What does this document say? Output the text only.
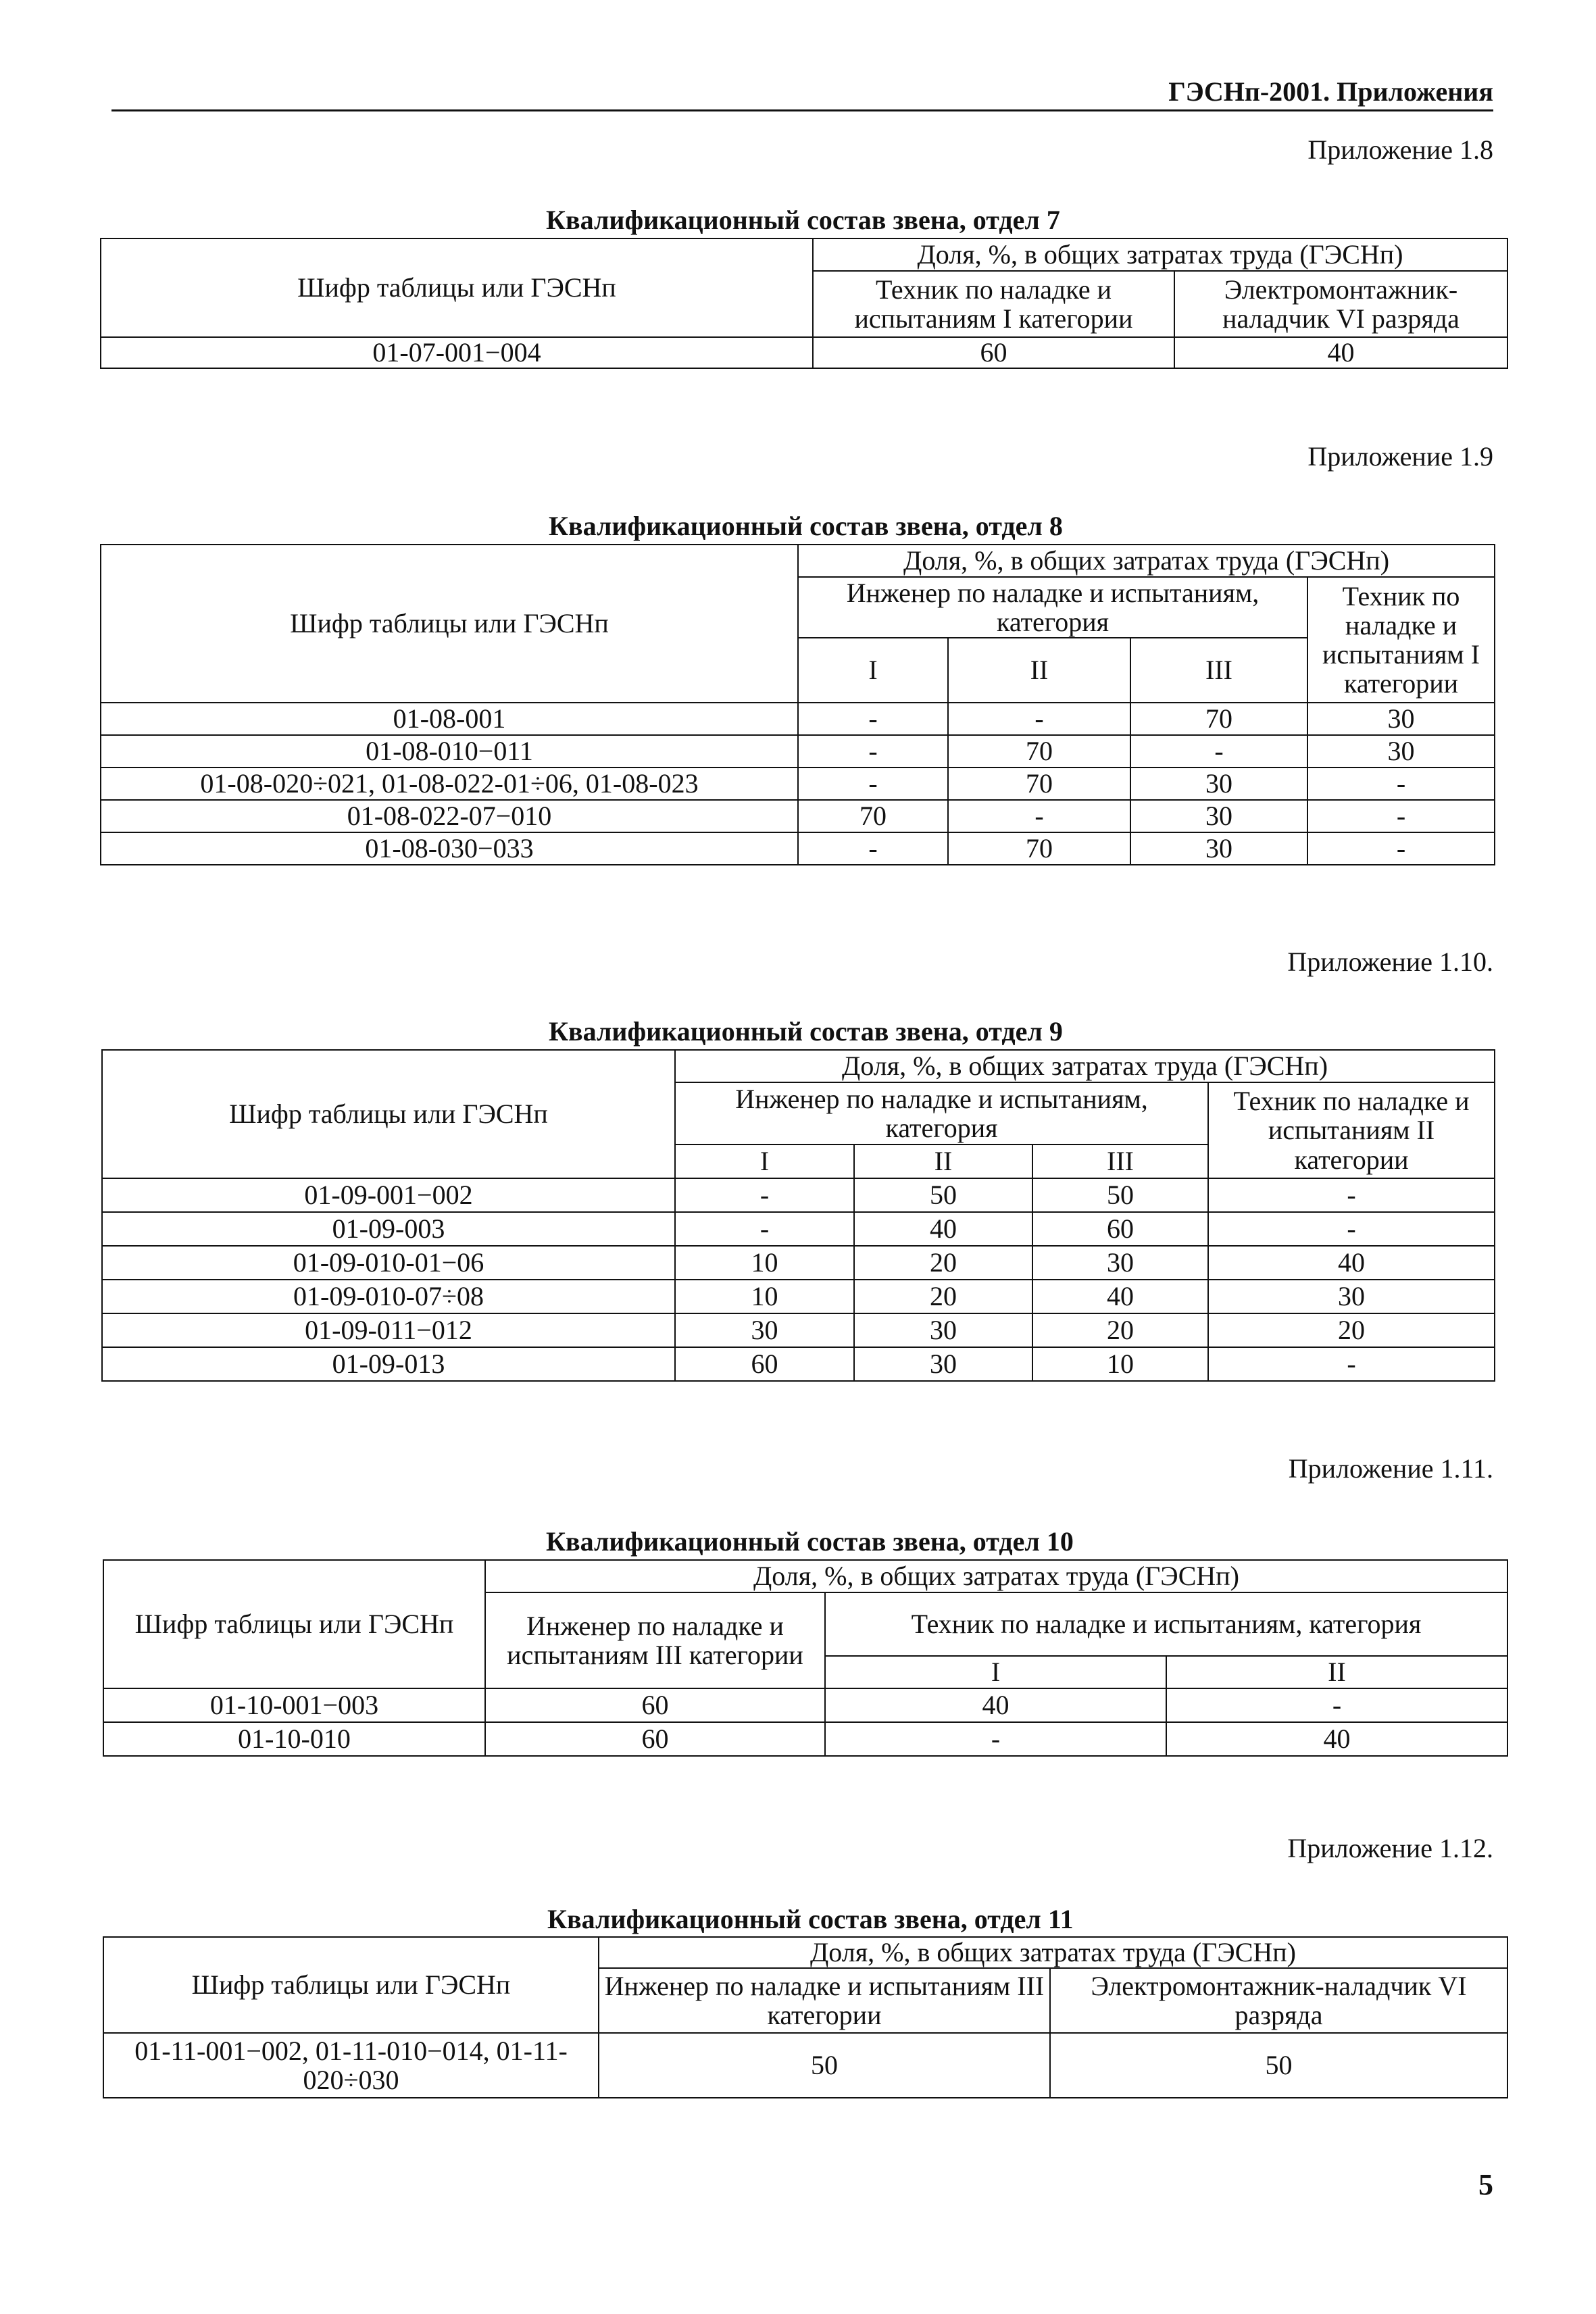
ГЭСНп-2001. Приложения
Приложение 1.8
Квалификационный состав звена, отдел 7
Шифр таблицы или ГЭСНп	Доля, %, в общих затратах труда (ГЭСНп)	
	Техник по наладке и испытаниям I категории	Электромонтажник-наладчик VI разряда
01-07-001−004	60	40
Приложение 1.9
Квалификационный состав звена, отдел 8
Шифр таблицы или ГЭСНп	Доля, %, в общих затратах труда (ГЭСНп)			
	Инженер по наладке и испытаниям, категория			Техник по наладке и испытаниям I категории
	I	II	III	
01-08-001	-	-	70	30
01-08-010−011	-	70	-	30
01-08-020÷021, 01-08-022-01÷06, 01-08-023	-	70	30	-
01-08-022-07−010	70	-	30	-
01-08-030−033	-	70	30	-
Приложение 1.10.
Квалификационный состав звена, отдел 9
Шифр таблицы или ГЭСНп	Доля, %, в общих затратах труда (ГЭСНп)			
	Инженер по наладке и испытаниям, категория			Техник по наладке и испытаниям II категории
	I	II	III	
01-09-001−002	-	50	50	-
01-09-003	-	40	60	-
01-09-010-01−06	10	20	30	40
01-09-010-07÷08	10	20	40	30
01-09-011−012	30	30	20	20
01-09-013	60	30	10	-
Приложение 1.11.
Квалификационный состав звена, отдел 10
Шифр таблицы или ГЭСНп	Доля, %, в общих затратах труда (ГЭСНп)		
	Инженер по наладке и испытаниям III категории	Техник по наладке и испытаниям, категория	
		I	II
01-10-001−003	60	40	-
01-10-010	60	-	40
Приложение 1.12.
Квалификационный состав звена, отдел 11
Шифр таблицы или ГЭСНп	Доля, %, в общих затратах труда (ГЭСНп)	
	Инженер по наладке и испытаниям III категории	Электромонтажник-наладчик VI разряда
01-11-001−002, 01-11-010−014, 01-11-020÷030	50	50
5
